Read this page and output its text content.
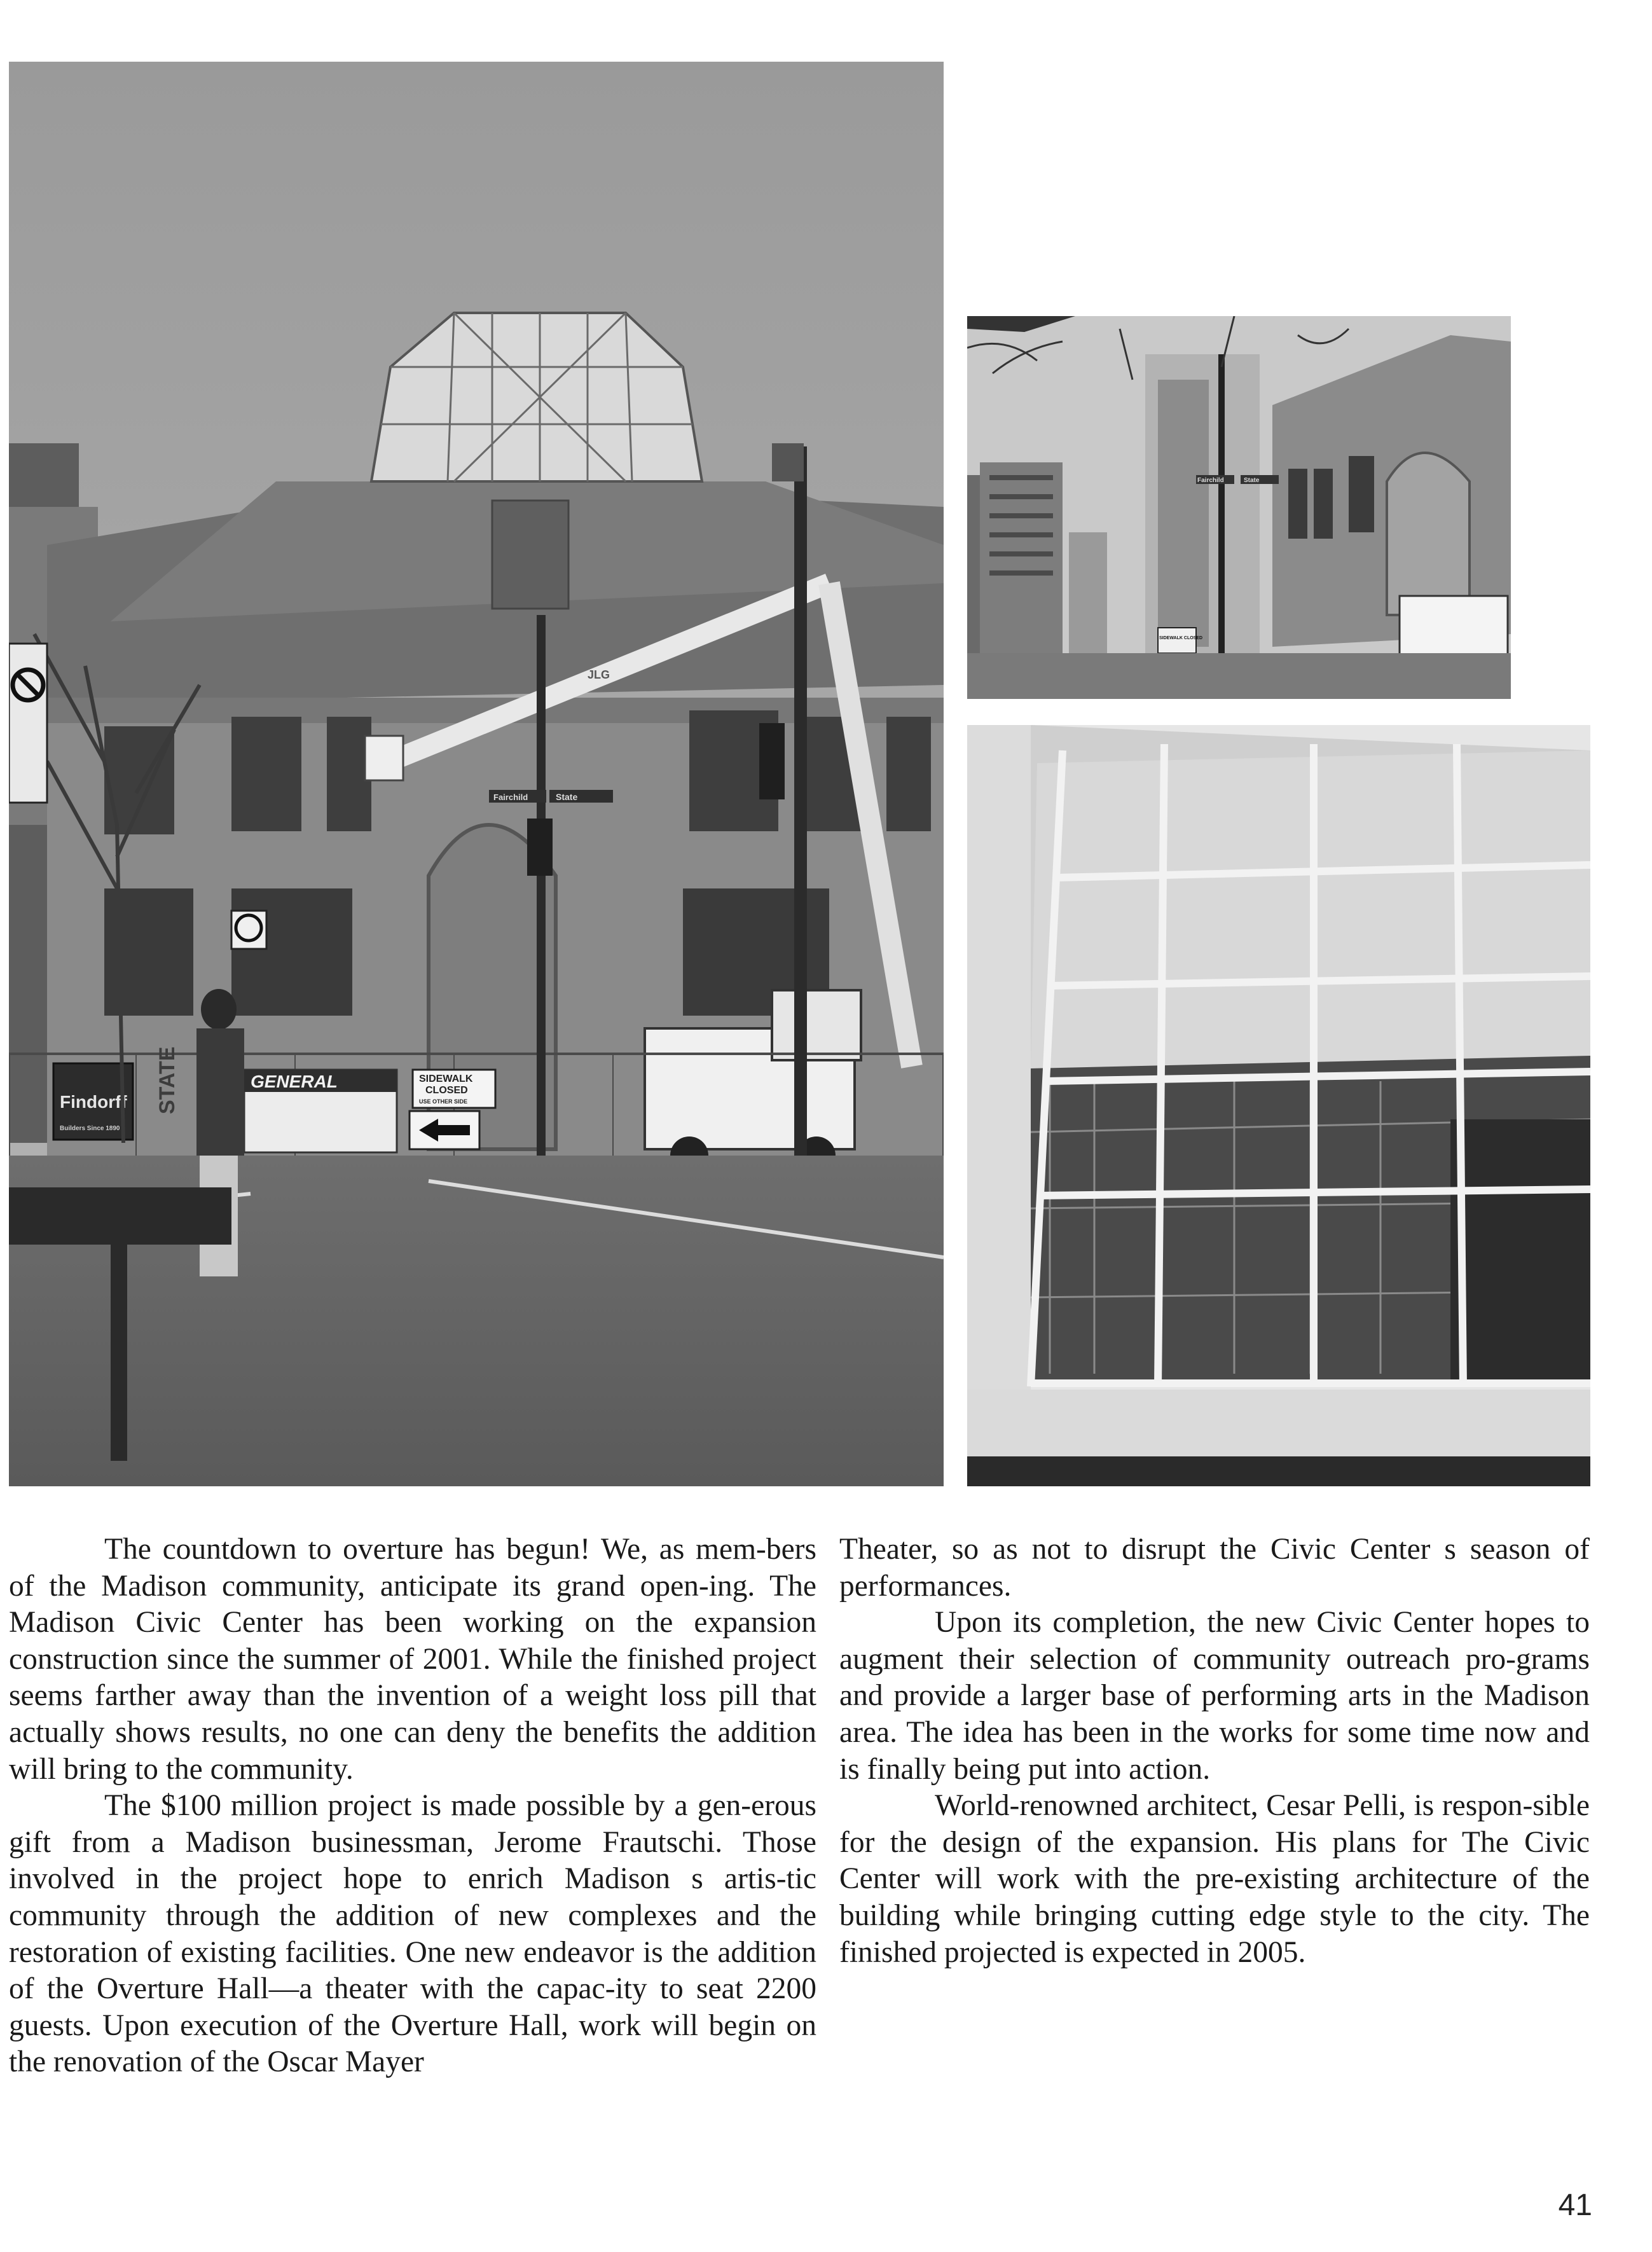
JLG
Findorff
Builders Since 1890
STATE	GENERAL	SIDEWALK
CLOSED
USE OTHER SIDE
Fairchild	State
Fairchild	State
SIDEWALK CLOSED

The countdown to overture has begun! We, as mem-bers of the Madison community, anticipate its grand open-ing. The Madison Civic Center has been working on the expansion construction since the summer of 2001. While the finished project seems farther away than the invention of a weight loss pill that actually shows results, no one can deny the benefits the addition will bring to the community.

The $100 million project is made possible by a gen-erous gift from a Madison businessman, Jerome Frautschi. Those involved in the project hope to enrich Madison s artis-tic community through the addition of new complexes and the restoration of existing facilities. One new endeavor is the addition of the Overture Hall—a theater with the capac-ity to seat 2200 guests. Upon execution of the Overture Hall, work will begin on the renovation of the Oscar Mayer

Theater, so as not to disrupt the Civic Center s season of performances.

Upon its completion, the new Civic Center hopes to augment their selection of community outreach pro-grams and provide a larger base of performing arts in the Madison area. The idea has been in the works for some time now and is finally being put into action.

World-renowned architect, Cesar Pelli, is respon-sible for the design of the expansion. His plans for The Civic Center will work with the pre-existing architecture of the building while bringing cutting edge style to the city. The finished projected is expected in 2005.

41
